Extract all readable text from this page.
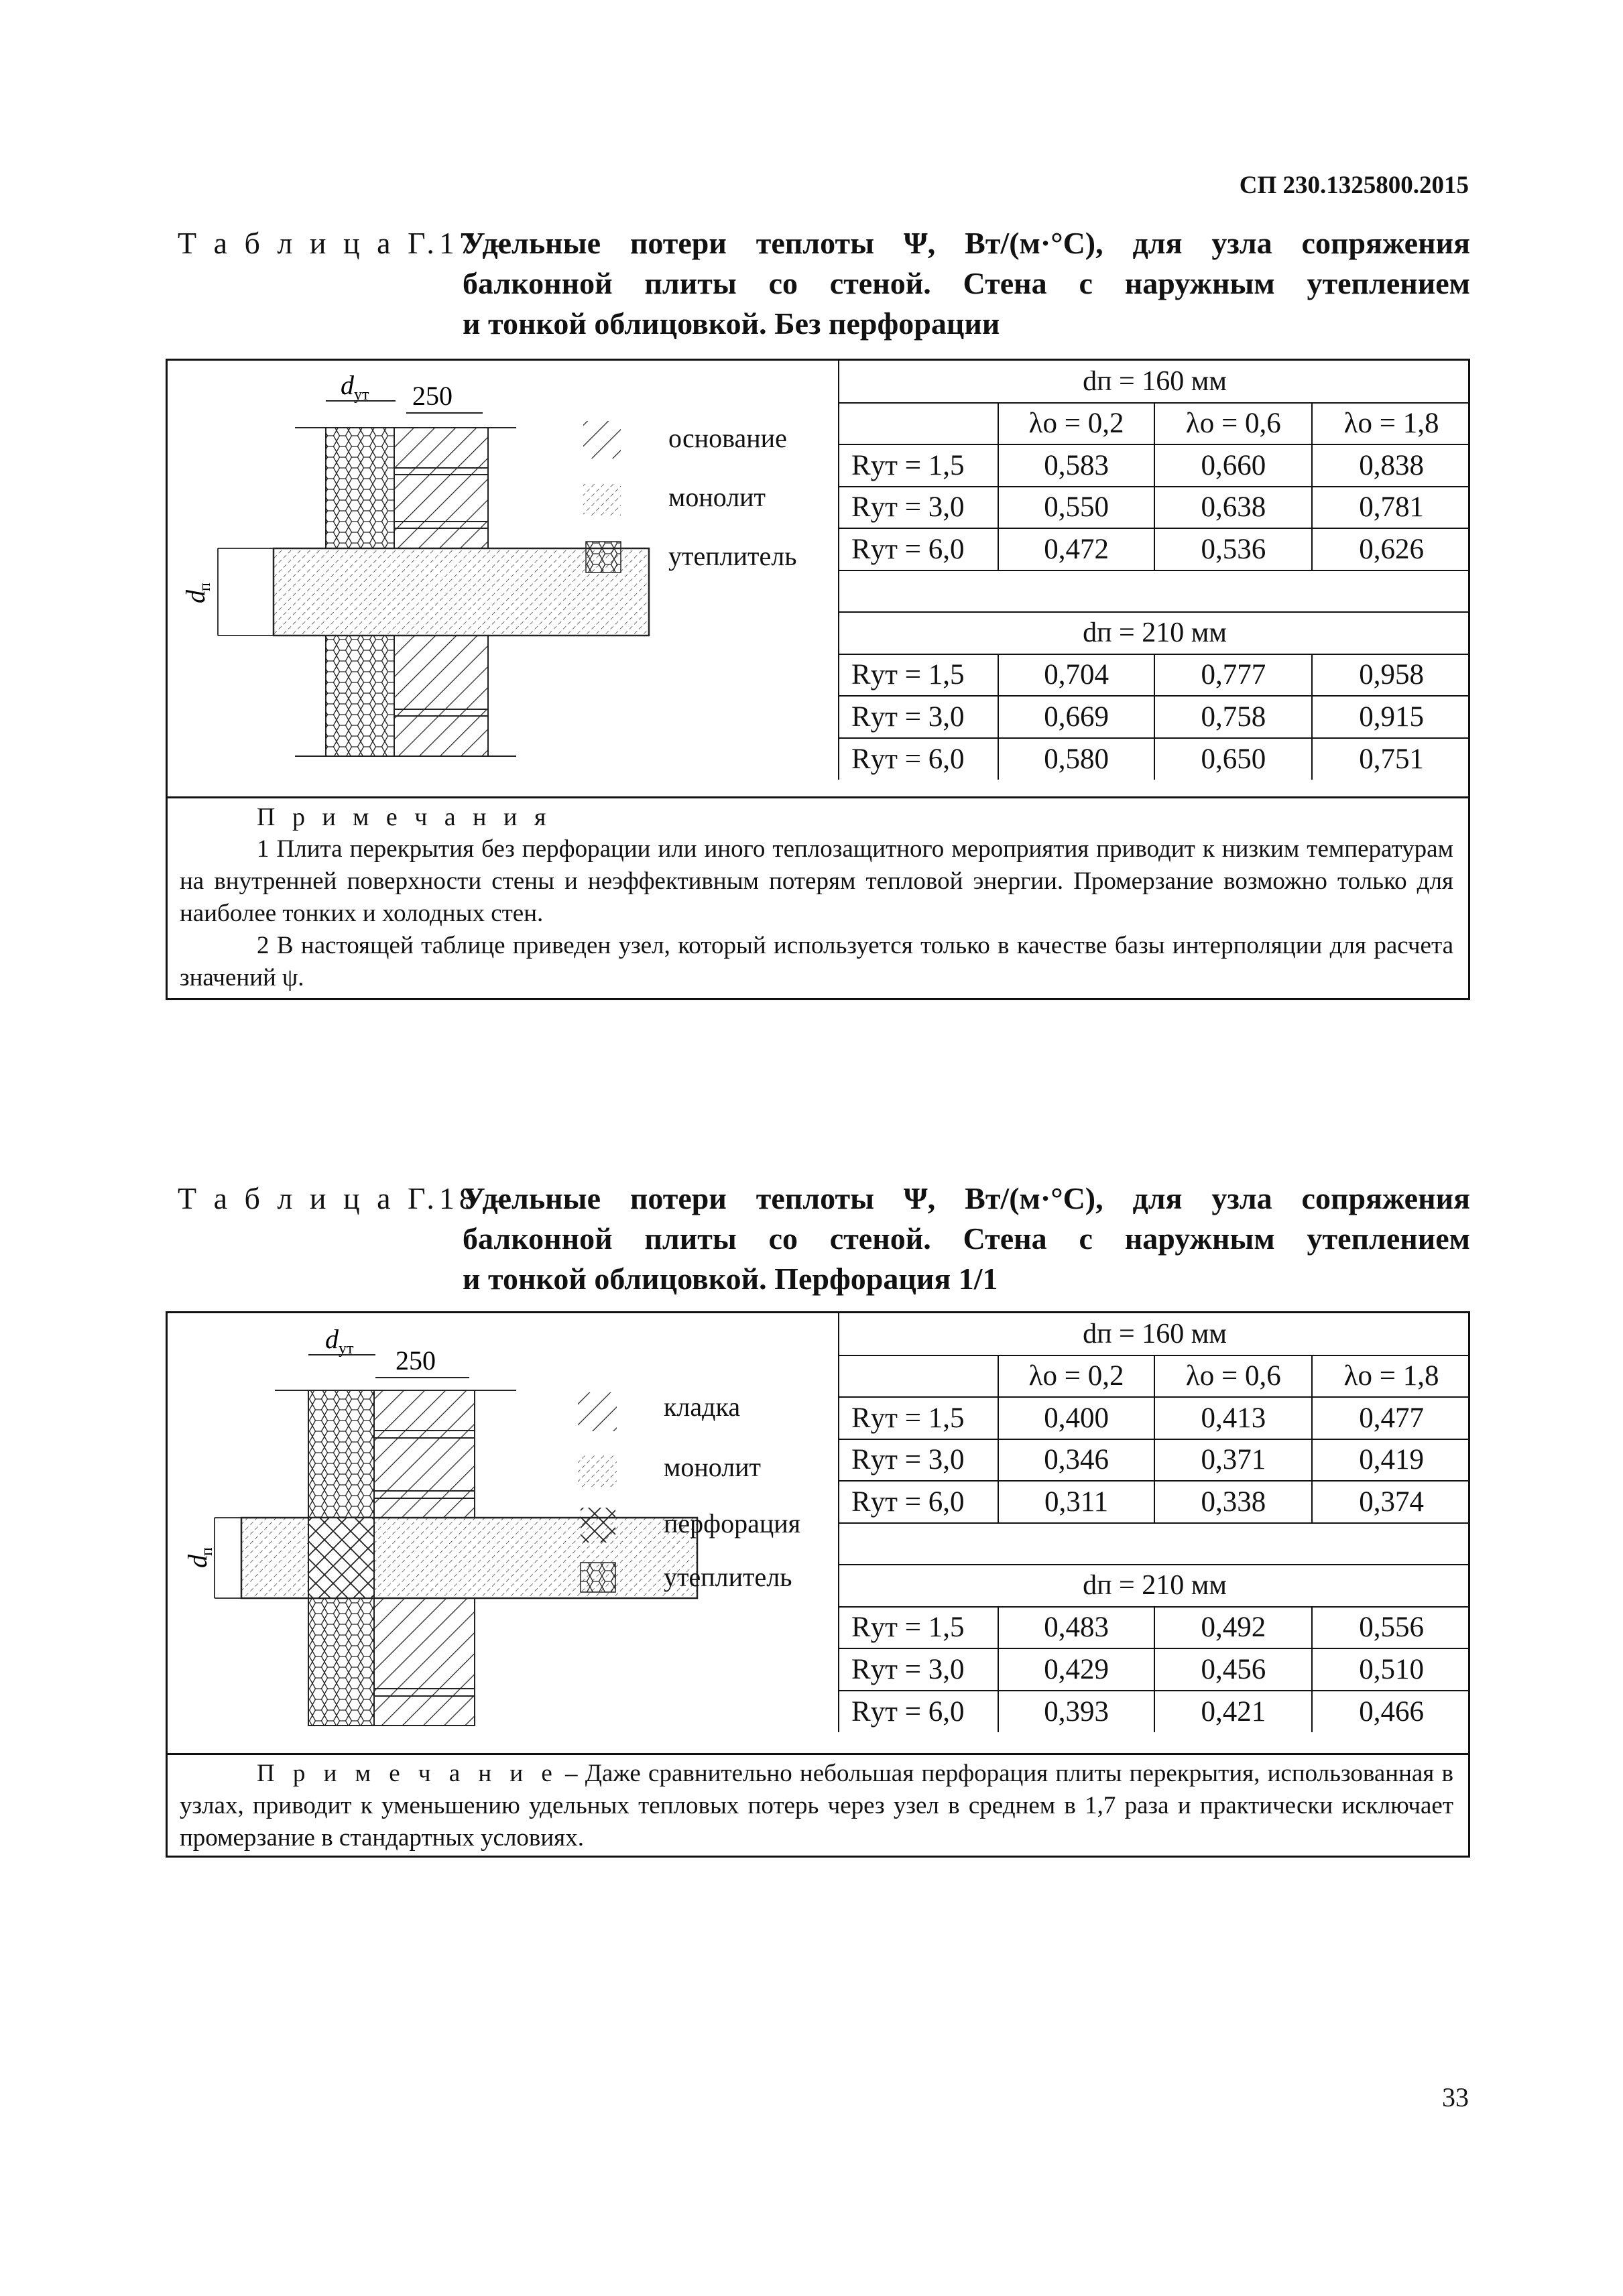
СП 230.1325800.2015
Т а б л и ц а Г.17 –
Удельные потери теплоты Ψ, Вт/(м·°С), для узла сопряжения
балконной плиты со стеной. Стена с наружным утеплением
и тонкой облицовкой. Без перфорации
d ут 250
d
п
основание
монолит
утеплитель
dп = 160 мм			
	λо = 0,2	λо = 0,6	λо = 1,8
Rут = 1,5	0,583	0,660	0,838
Rут = 3,0	0,550	0,638	0,781
Rут = 6,0	0,472	0,536	0,626

dп = 210 мм			
Rут = 1,5	0,704	0,777	0,958
Rут = 3,0	0,669	0,758	0,915
Rут = 6,0	0,580	0,650	0,751

П р и м е ч а н и я

1 Плита перекрытия без перфорации или иного теплозащитного мероприятия приводит к низким температурам на внутренней поверхности стены и неэффективным потерям тепловой энергии. Промерзание возможно только для наиболее тонких и холодных стен.

2 В настоящей таблице приведен узел, который используется только в качестве базы интерполяции для расчета значений ψ.

Т а б л и ц а Г.18 –
Удельные потери теплоты Ψ, Вт/(м·°С), для узла сопряжения
балконной плиты со стеной. Стена с наружным утеплением
и тонкой облицовкой. Перфорация 1/1
d ут 250
d
п
кладка
монолит
перфорация
утеплитель
dп = 160 мм			
	λо = 0,2	λо = 0,6	λо = 1,8
Rут = 1,5	0,400	0,413	0,477
Rут = 3,0	0,346	0,371	0,419
Rут = 6,0	0,311	0,338	0,374

dп = 210 мм			
Rут = 1,5	0,483	0,492	0,556
Rут = 3,0	0,429	0,456	0,510
Rут = 6,0	0,393	0,421	0,466

П р и м е ч а н и е – Даже сравнительно небольшая перфорация плиты перекрытия, использованная в узлах, приводит к уменьшению удельных тепловых потерь через узел в среднем в 1,7 раза и практически исключает промерзание в стандартных условиях.

33
